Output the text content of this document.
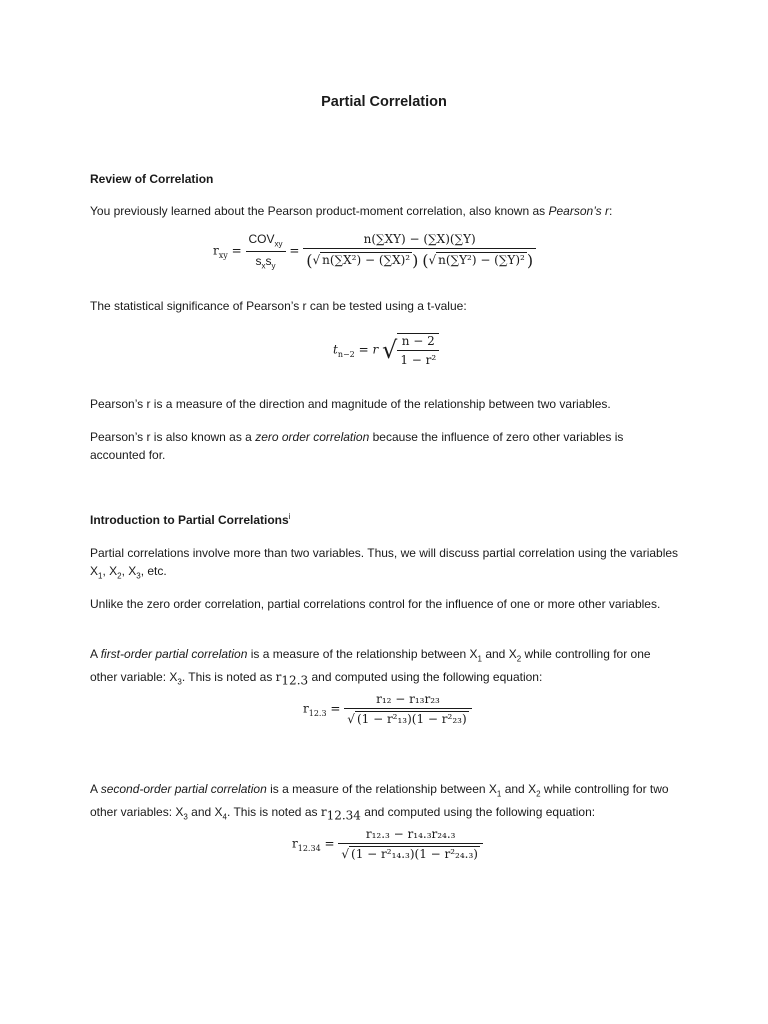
Partial Correlation
Review of Correlation
You previously learned about the Pearson product-moment correlation, also known as Pearson’s r:
$r_{xy} = \frac{COV_{xy}}{s_xs_y} = \frac{n(\sum XY) - (\sum X)(\sum Y)}{\text{(√ n(∑X²) − (∑X)² ) (√ n(∑Y²) − (∑Y)² )}}$
The statistical significance of Pearson’s r can be tested using a t-value:
$t_{n-2} = r$ √ $\frac{n - 2}{\text{1 − r²}}$
Pearson’s r is a measure of the direction and magnitude of the relationship between two variables.
Pearson’s r is also known as a zero order correlation because the influence of zero other variables is accounted for.
Introduction to Partial Correlations$^i$
Partial correlations involve more than two variables. Thus, we will discuss partial correlation using the variables $X_1$, $X_2$, $X_3$, etc.
Unlike the zero order correlation, partial correlations control for the influence of one or more other variables.
A first-order partial correlation is a measure of the relationship between $X_1$ and $X_2$ while controlling for one other variable: $X_3$. This is noted as $r_{12.3}$ and computed using the following equation:
$r_{12.3} = \frac{\text{r₁₂ − r₁₃r₂₃}}{\text{√ (1 − r²₁₃)(1 − r²₂₃)}}$
A second-order partial correlation is a measure of the relationship between $X_1$ and $X_2$ while controlling for two other variables: $X_3$ and $X_4$. This is noted as $r_{12.34}$ and computed using the following equation:
$r_{12.34} = \frac{\text{r₁₂.₃ − r₁₄.₃r₂₄.₃}}{\text{√ (1 − r²₁₄.₃)(1 − r²₂₄.₃)}}$
